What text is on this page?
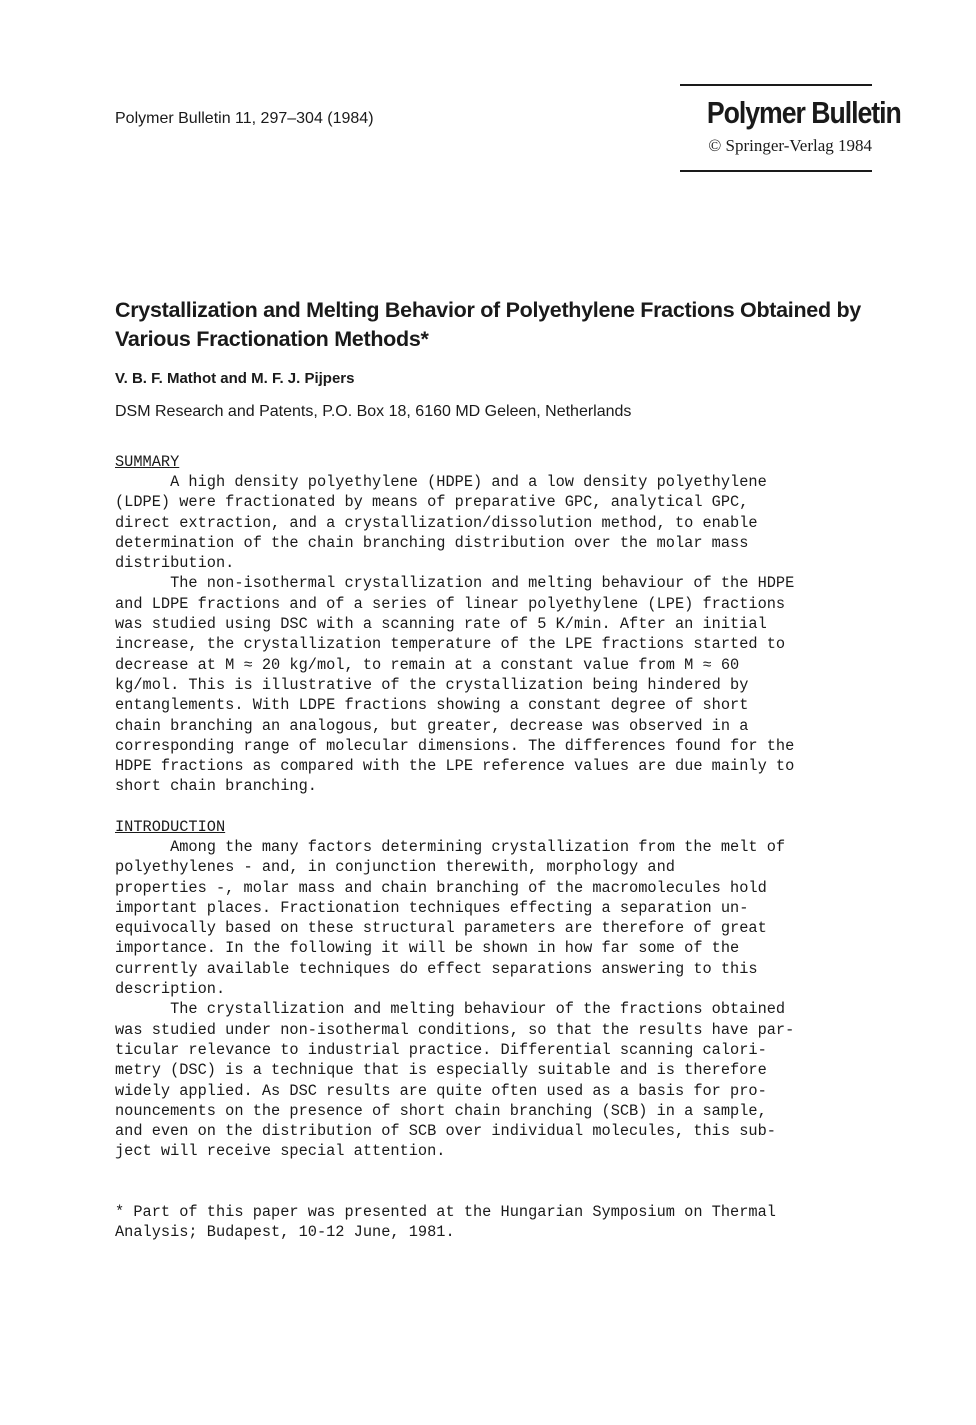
Polymer Bulletin 11, 297–304 (1984)	Polymer Bulletin
© Springer-Verlag 1984
Crystallization and Melting Behavior of Polyethylene Fractions Obtained by Various Fractionation Methods*
V. B. F. Mathot and M. F. J. Pijpers
DSM Research and Patents, P.O. Box 18, 6160 MD Geleen, Netherlands
SUMMARY

A high density polyethylene (HDPE) and a low density polyethylene
(LDPE) were fractionated by means of preparative GPC, analytical GPC,
direct extraction, and a crystallization/dissolution method, to enable
determination of the chain branching distribution over the molar mass
distribution.
The non-isothermal crystallization and melting behaviour of the HDPE
and LDPE fractions and of a series of linear polyethylene (LPE) fractions
was studied using DSC with a scanning rate of 5 K/min. After an initial
increase, the crystallization temperature of the LPE fractions started to
decrease at M ≈ 20 kg/mol, to remain at a constant value from M ≈ 60
kg/mol. This is illustrative of the crystallization being hindered by
entanglements. With LDPE fractions showing a constant degree of short
chain branching an analogous, but greater, decrease was observed in a
corresponding range of molecular dimensions. The differences found for the
HDPE fractions as compared with the LPE reference values are due mainly to
short chain branching.

INTRODUCTION

Among the many factors determining crystallization from the melt of
polyethylenes - and, in conjunction therewith, morphology and
properties -, molar mass and chain branching of the macromolecules hold
important places. Fractionation techniques effecting a separation un-
equivocally based on these structural parameters are therefore of great
importance. In the following it will be shown in how far some of the
currently available techniques do effect separations answering to this
description.
The crystallization and melting behaviour of the fractions obtained
was studied under non-isothermal conditions, so that the results have par-
ticular relevance to industrial practice. Differential scanning calori-
metry (DSC) is a technique that is especially suitable and is therefore
widely applied. As DSC results are quite often used as a basis for pro-
nouncements on the presence of short chain branching (SCB) in a sample,
and even on the distribution of SCB over individual molecules, this sub-
ject will receive special attention.

* Part of this paper was presented at the Hungarian Symposium on Thermal
Analysis; Budapest, 10-12 June, 1981.
